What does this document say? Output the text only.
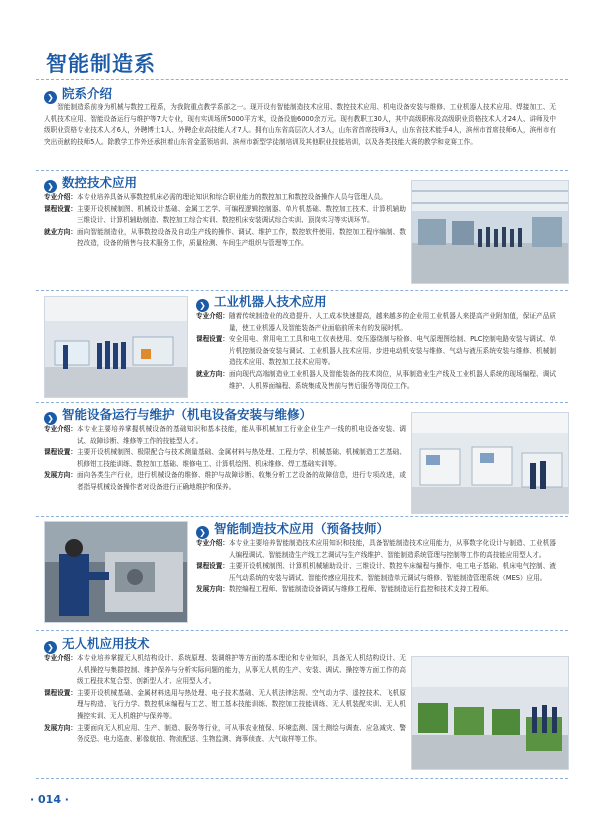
智能制造系
❯ 院系介绍
智能制造系前身为机械与数控工程系，为我院重点教学系部之一。现开设有智能制造技术应用、数控技术应用、机电设备安装与维修、工业机器人技术应用、焊接加工、无人机技术应用、智能设备运行与维护等7大专业，现有实训场所5000平方米，设备设施6000余万元。现有教职工30人，其中高级职称及高级职业资格技术人才24人、讲师及中级职业资格专业技术人才6人，外聘博士1人、外聘企业高技能人才7人。拥有山东省高层次人才3人，山东省首席技师3人，山东省技术能手4人，滨州市首席技师6人，滨州市有突出贡献的技师5人。除教学工作外还承担着山东省金蓝领培训、滨州市新型学徒制培训及其他职业技能培训，以及各类技能大赛的教学和竞赛工作。
❯ 数控技术应用
专业介绍： 本专业培养具备从事数控机床必需的理论知识和综合职业能力的数控加工和数控设备操作人员与管理人员。
课程设置： 主要开设机械制图、机械设计基础、金属工艺学、可编程逻辑控制器、单片机基础、数控加工技术、计算机辅助三维设计、计算机辅助制造、数控加工综合实训、数控机床安装调试综合实训、顶岗实习等实训环节。
就业方向： 面向智能制造业，从事数控设备及自动生产线的操作、调试、维护工作，数控软件使用、数控加工程序编制、数控改造，设备的销售与技术服务工作，质量检测、车间生产组织与管理等工作。
❯ 工业机器人技术应用
专业介绍： 随着传统制造业的改造提升、人工成本快速提高，越来越多的企业用工业机器人来提高产业附加值，保证产品质量，使工业机器人及智能装备产业面临前所未有的发展时机。
课程设置： 安全用电、常用电工工具和电工仪表使用、变压器绕制与检修、电气原理图绘制、PLC控制电路安装与调试、单片机控制设备安装与调试、工业机器人技术应用、步进电动机安装与维修、气动与液压系统安装与维修、机械制造技术应用、数控加工技术应用等。
就业方向： 面向现代高端制造业工业机器人及智能装备的技术岗位，从事制造业生产线及工业机器人系统的现场编程、调试维护、人机界面编程、系统集成及售前与售后服务等岗位工作。
❯ 智能设备运行与维护（机电设备安装与维修）
专业介绍： 本专业主要培养掌握机械设备的基础知识和基本技能，能从事机械加工行业企业生产一线的机电设备安装、调试、故障诊断、维修等工作的技能型人才。
课程设置： 主要开设机械制图、极限配合与技术测量基础、金属材料与热处理、工程力学、机械基础、机械制造工艺基础、机修钳工技能训练、数控加工基础、维修电工、计算机绘图、机床维修、焊工基础实训等。
发展方向： 面向各类生产行业，进行机械设备的维修、维护与故障诊断、收集分析工艺设备的故障信息，进行专项改进，或者指导机械设备操作者对设备进行正确地维护和保养。
❯ 智能制造技术应用（预备技师）
专业介绍： 本专业主要培养智能制造技术应用知识和技能，具备智能制造技术应用能力，从事数字化设计与制造、工业机器人编程调试、智能制造生产线工艺调试与生产线维护、智能制造系统管理与控制等工作的高技能应用型人才。
课程设置： 主要开设机械制图、计算机机械辅助设计、三维设计、数控车床编程与操作、电工电子基础、机床电气控制、液压气动系统的安装与调试、智能传感应用技术、智能制造单元调试与维修、智能制造管理系统（MES）应用。
发展方向： 数控编程工程师、智能制造设备调试与维修工程师、智能制造运行监控和技术支持工程师。
❯ 无人机应用技术
专业介绍： 本专业培养掌握无人机结构设计、系统原理、装调维护等方面的基本理论和专业知识，具备无人机结构设计、无人机操控与集群控制、维护保养与分析实际问题的能力，从事无人机的生产、安装、调试、操控等方面工作的高级工程技术复合型、创新型人才、应用型人才。
课程设置： 主要开设机械基础、金属材料选用与热处理、电子技术基础、无人机法律法规、空气动力学、遥控技术、飞机原理与构造、飞行力学、数控机床编程与工艺、钳工基本技能训练、数控加工技能训练、无人机装配实训、无人机操控实训、无人机维护与保养等。
发展方向： 主要面向无人机应用、生产、制造、服务等行业，可从事农业植保、环境监测、国土测绘与调查、应急减灾、警务反恐、电力巡查、影像航拍、物流配送、生物监测、海事侦查、大气取样等工作。
· 014 ·
